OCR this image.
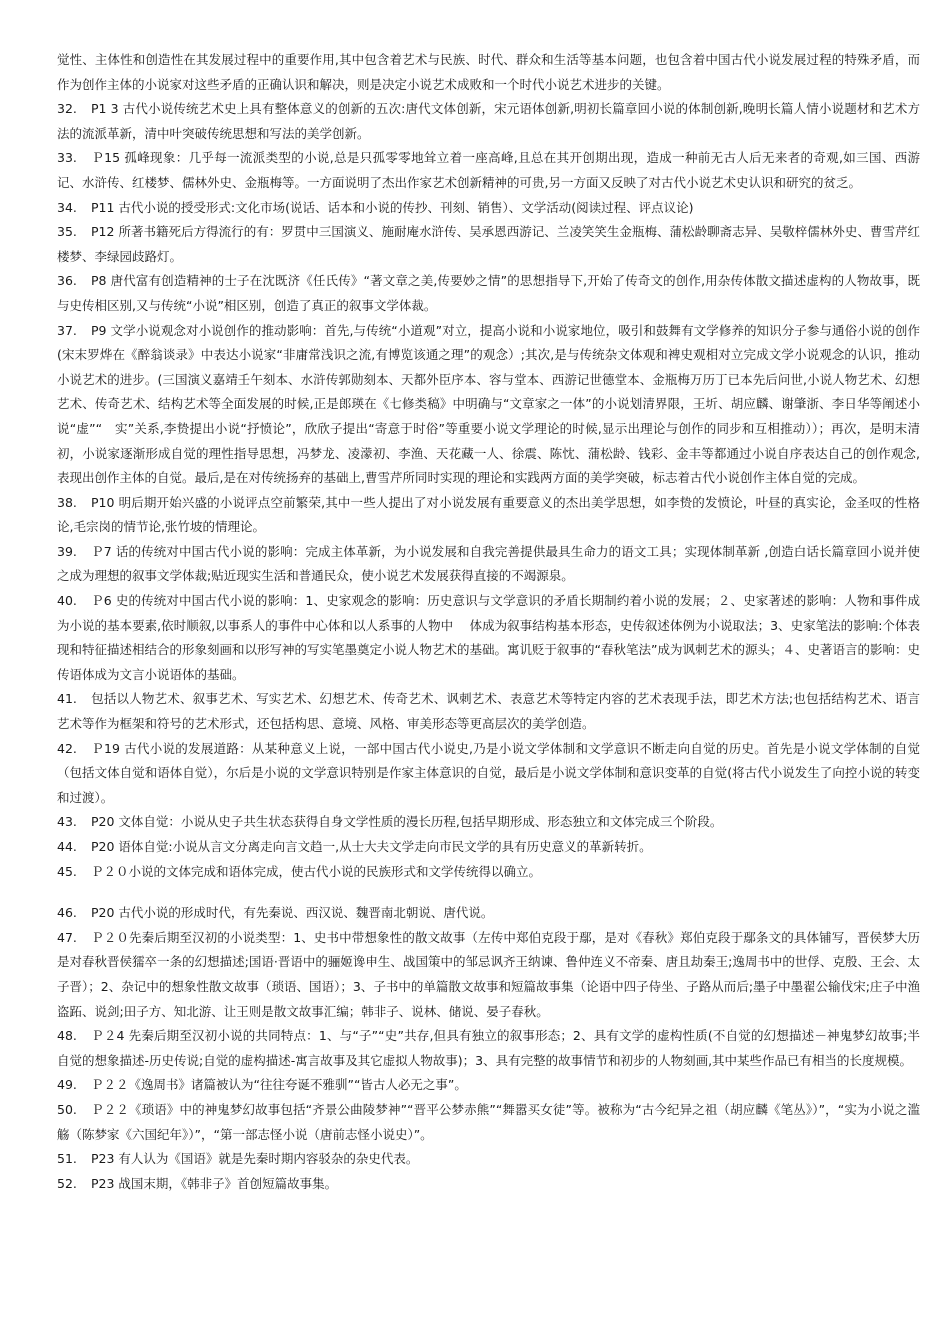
觉性、主体性和创造性在其发展过程中的重要作用,其中包含着艺术与民族、时代、群众和生活等基本问题，也包含着中国古代小说发展过程的特殊矛盾，而作为创作主体的小说家对这些矛盾的正确认识和解决，则是决定小说艺术成败和一个时代小说艺术进步的关键。

32. P1 3 古代小说传统艺术史上具有整体意义的创新的五次:唐代文体创新，宋元语体创新,明初长篇章回小说的体制创新,晚明长篇人情小说题材和艺术方法的流派革新，清中叶突破传统思想和写法的美学创新。
33. Ｐ15 孤峰现象：几乎每一流派类型的小说,总是只孤零零地耸立着一座高峰,且总在其开创期出现，造成一种前无古人后无来者的奇观,如三国、西游记、水浒传、红楼梦、儒林外史、金瓶梅等。一方面说明了杰出作家艺术创新精神的可贵,另一方面又反映了对古代小说艺术史认识和研究的贫乏。
34. P11 古代小说的授受形式:文化市场(说话、话本和小说的传抄、刊刻、销售）、文学活动(阅读过程、评点议论)
35. P12 所著书籍死后方得流行的有：罗贯中三国演义、施耐庵水浒传、吴承恩西游记、兰凌笑笑生金瓶梅、蒲松龄聊斋志异、吴敬梓儒林外史、曹雪芹红楼梦、李绿园歧路灯。
36. P8 唐代富有创造精神的士子在沈既济《任氏传》“著文章之美,传要妙之情”的思想指导下,开始了传奇文的创作,用杂传体散文描述虚构的人物故事，既与史传相区别,又与传统“小说”相区别，创造了真正的叙事文学体裁。
37. P9 文学小说观念对小说创作的推动影响：首先,与传统“小道观”对立，提高小说和小说家地位，吸引和鼓舞有文学修养的知识分子参与通俗小说的创作(宋末罗烨在《醉翁谈录》中表达小说家“非庸常浅识之流,有博览该通之理”的观念）;其次,是与传统杂文体观和裨史观相对立完成文学小说观念的认识，推动小说艺术的进步。(三国演义嘉靖壬午刻本、水浒传郭勋刻本、天都外臣序本、容与堂本、西游记世德堂本、金瓶梅万历丁已本先后问世,小说人物艺术、幻想艺术、传奇艺术、结构艺术等全面发展的时候,正是郎瑛在《七修类稿》中明确与“文章家之一体”的小说划清界限，王圻、胡应麟、谢肇浙、李日华等阐述小说“虚”“　实”关系,李贽提出小说“抒愤论”，欣欣子提出“寄意于时俗”等重要小说文学理论的时候,显示出理论与创作的同步和互相推动））；再次，是明末清初，小说家逐渐形成自觉的理性指导思想，冯梦龙、凌濛初、李渔、天花藏一人、徐震、陈忱、蒲松龄、钱彩、金丰等都通过小说自序表达自己的创作观念,表现出创作主体的自觉。最后,是在对传统扬弃的基础上,曹雪芹所同时实现的理论和实践两方面的美学突破，标志着古代小说创作主体自觉的完成。
38. P10 明后期开始兴盛的小说评点空前繁荣,其中一些人提出了对小说发展有重要意义的杰出美学思想，如李贽的发愤论，叶昼的真实论，金圣叹的性格论,毛宗岗的情节论,张竹坡的情理论。
39. Ｐ7 话的传统对中国古代小说的影响：完成主体革新，为小说发展和自我完善提供最具生命力的语文工具；实现体制革新 ,创造白话长篇章回小说并使之成为理想的叙事文学体裁;贴近现实生活和普通民众，使小说艺术发展获得直接的不竭源泉。
40. Ｐ6 史的传统对中国古代小说的影响：1、史家观念的影响：历史意识与文学意识的矛盾长期制约着小说的发展；２、史家著述的影响：人物和事件成为小说的基本要素,依时顺叙,以事系人的事件中心体和以人系事的人物中　 体成为叙事结构基本形态，史传叙述体例为小说取法；3、史家笔法的影响:个体表现和特征描述相结合的形象刻画和以形写神的写实笔墨奠定小说人物艺术的基础。寓讥贬于叙事的“春秋笔法”成为讽刺艺术的源头；４、史著语言的影响：史传语体成为文言小说语体的基础。
41. 包括以人物艺术、叙事艺术、写实艺术、幻想艺术、传奇艺术、讽刺艺术、表意艺术等特定内容的艺术表现手法，即艺术方法;也包括结构艺术、语言艺术等作为框架和符号的艺术形式，还包括构思、意境、风格、审美形态等更高层次的美学创造。
42. Ｐ19 古代小说的发展道路：从某种意义上说，一部中国古代小说史,乃是小说文学体制和文学意识不断走向自觉的历史。首先是小说文学体制的自觉（包括文体自觉和语体自觉），尔后是小说的文学意识特别是作家主体意识的自觉，最后是小说文学体制和意识变革的自觉(将古代小说发生了向控小说的转变和过渡）。
43. P20 文体自觉：小说从史子共生状态获得自身文学性质的漫长历程,包括早期形成、形态独立和文体完成三个阶段。
44. P20 语体自觉:小说从言文分离走向言文趋一,从士大夫文学走向市民文学的具有历史意义的革新转折。
45. Ｐ２０小说的文体完成和语体完成，使古代小说的民族形式和文学传统得以确立。
46. P20 古代小说的形成时代，有先秦说、西汉说、魏晋南北朝说、唐代说。
47. Ｐ２０先秦后期至汉初的小说类型：1、史书中带想象性的散文故事（左传中郑伯克段于鄢，是对《春秋》郑伯克段于鄢条文的具体铺写，晋侯梦大历是对春秋晋侯獳卒一条的幻想描述;国语·晋语中的骊姬谗申生、战国策中的邹忌讽齐王纳谏、鲁仲连义不帝秦、唐且劫秦王;逸周书中的世俘、克殷、王会、太子晋）；2、杂记中的想象性散文故事（琐语、国语）；3、子书中的单篇散文故事和短篇故事集（论语中四子侍坐、子路从而后;墨子中墨翟公输伐宋;庄子中渔盗跖、说剑;田子方、知北游、让王则是散文故事汇编；韩非子、说林、储说、晏子春秋。
48. Ｐ２4 先秦后期至汉初小说的共同特点：1、与“子”“史”共存,但具有独立的叙事形态；2、具有文学的虚构性质(不自觉的幻想描述－神鬼梦幻故事;半自觉的想象描述-历史传说;自觉的虚构描述-寓言故事及其它虚拟人物故事)；3、具有完整的故事情节和初步的人物刻画,其中某些作品已有相当的长度规模。
49. Ｐ２２《逸周书》诸篇被认为“往往夸诞不雅驯”“皆古人必无之事”。
50. Ｐ２２《琐语》中的神鬼梦幻故事包括“齐景公曲陵梦神”“晋平公梦赤熊”“舞嚣买女徒”等。被称为“古今纪异之祖（胡应麟《笔丛》）”，“实为小说之滥觞（陈梦家《六国纪年》）”，“第一部志怪小说（唐前志怪小说史）”。
51. P23 有人认为《国语》就是先秦时期内容驳杂的杂史代表。
52. P23 战国末期，《韩非子》首创短篇故事集。
